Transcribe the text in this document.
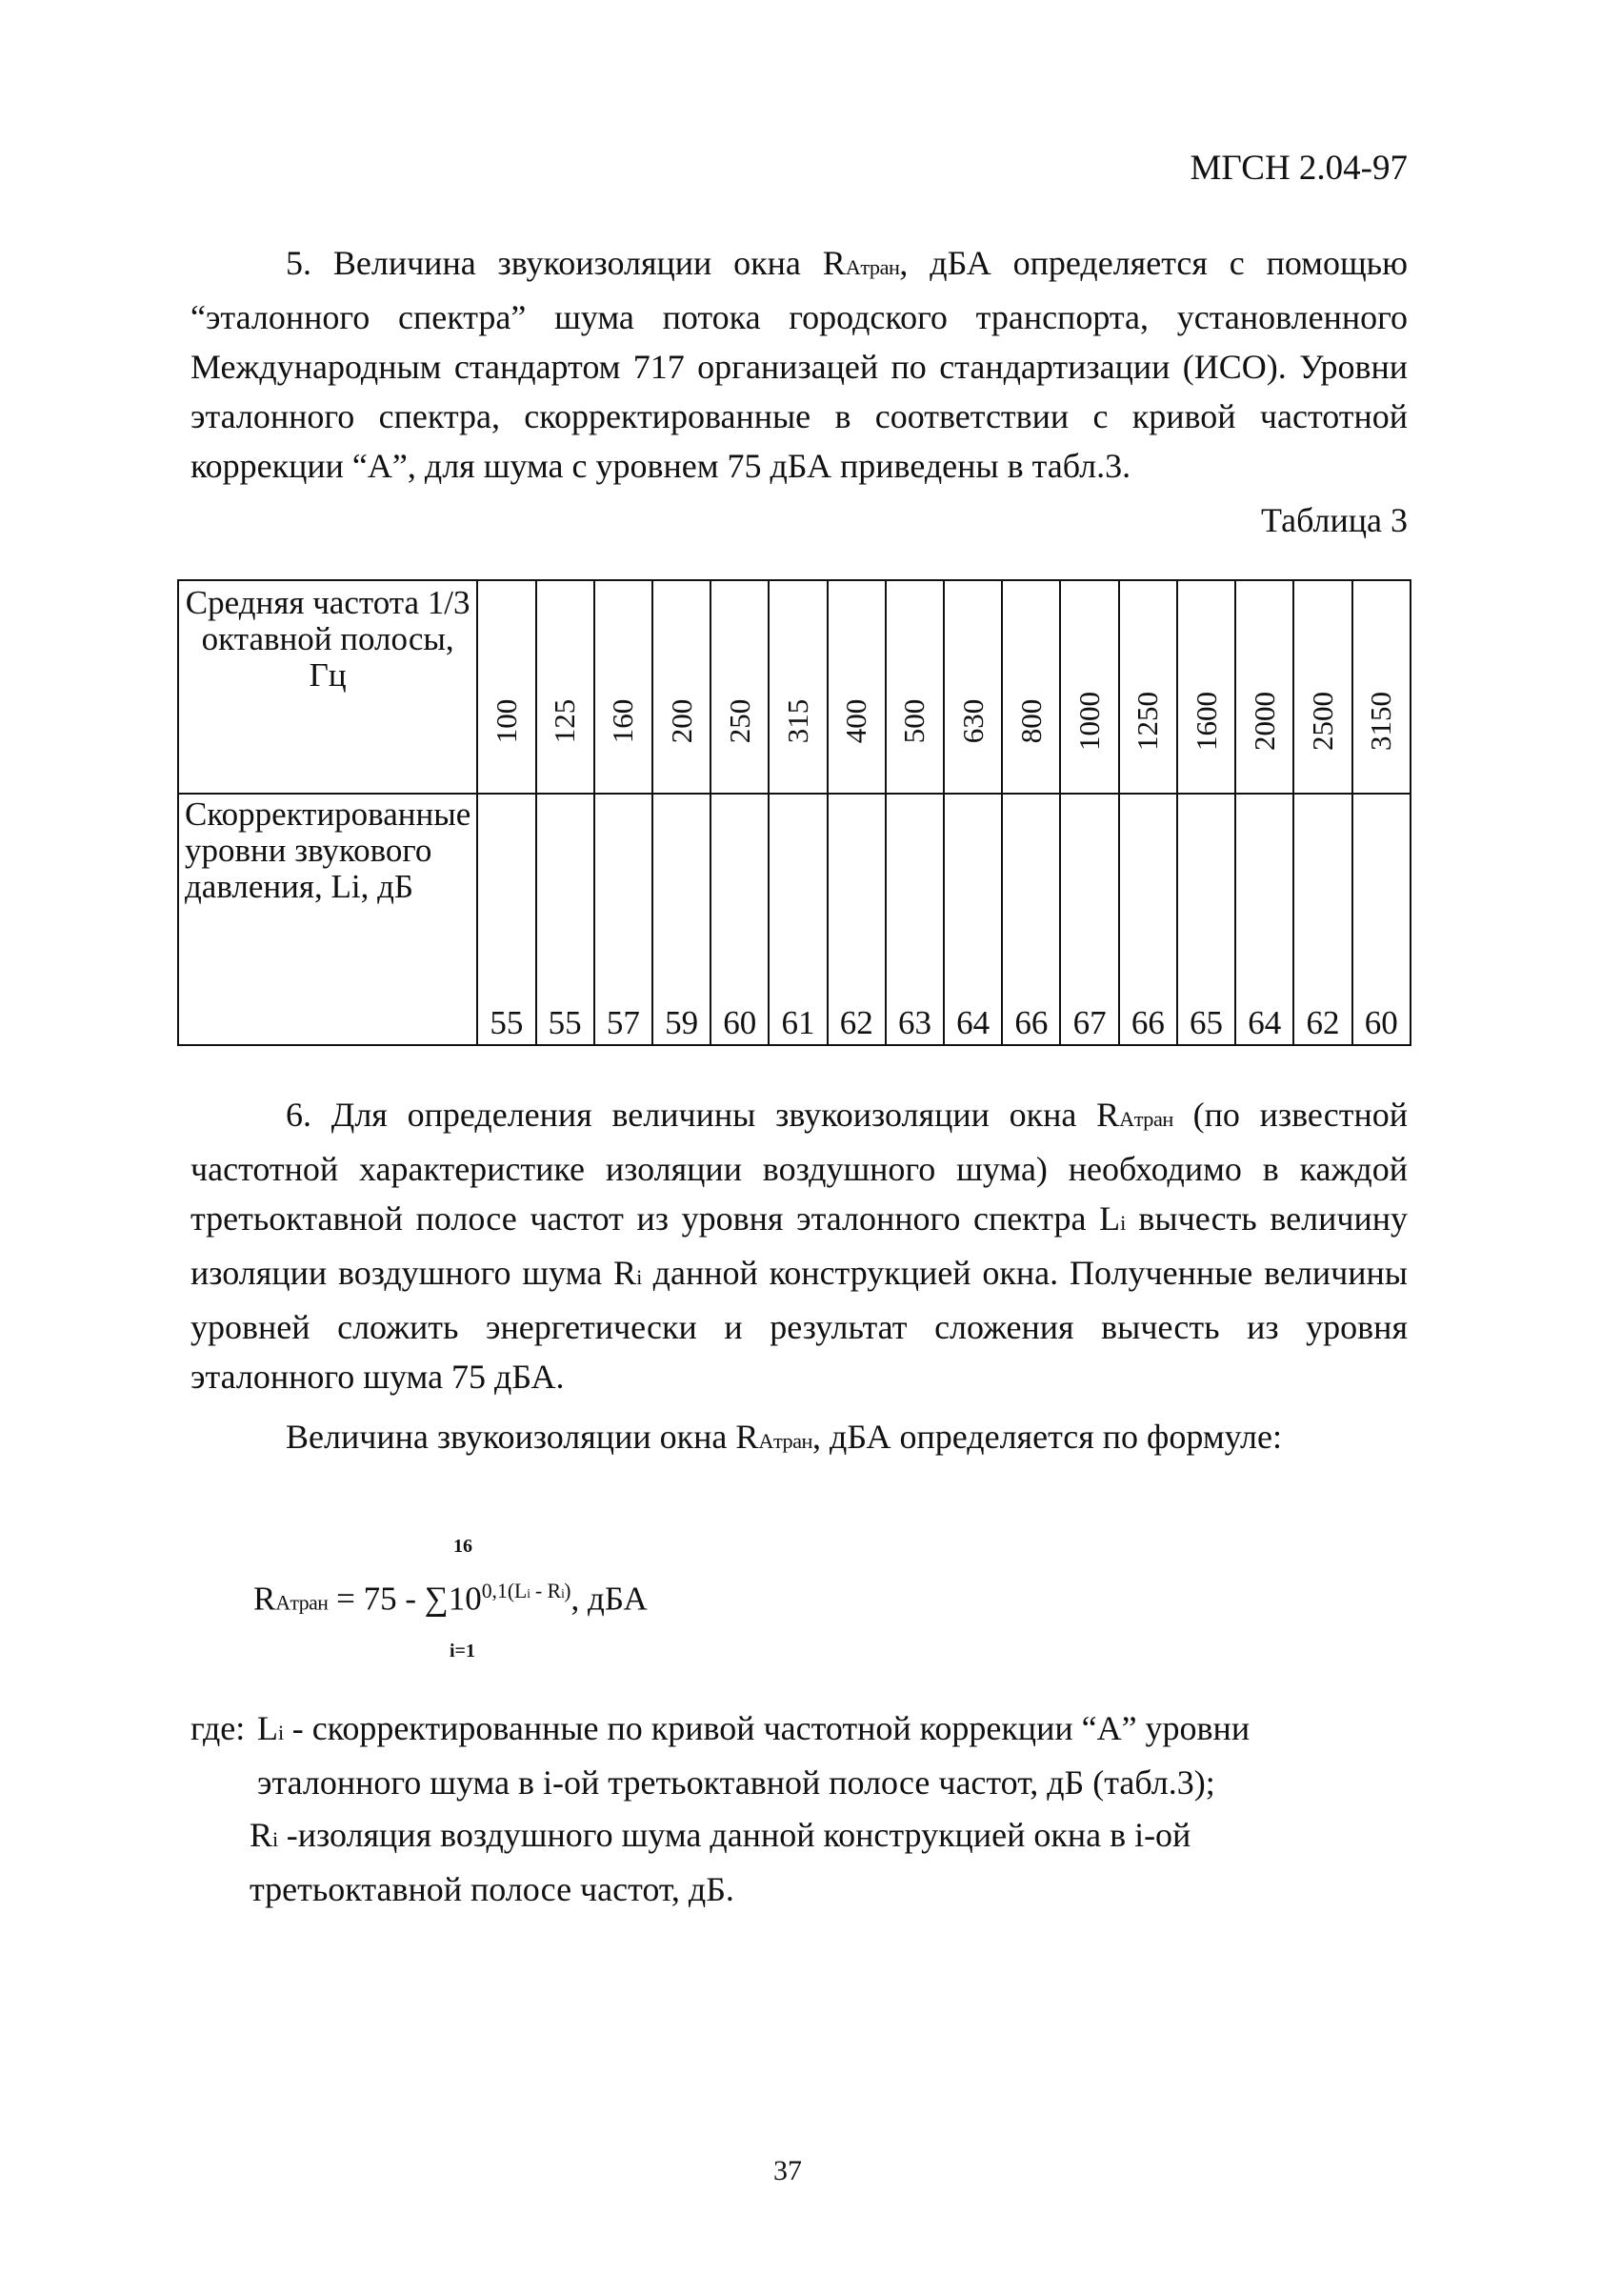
МГСН 2.04-97

5. Величина звукоизоляции окна RAтран, дБА определяется с помощью “эталонного спектра” шума потока городского транспорта, установленного Международным стандартом 717 организацей по стандартизации (ИСО). Уровни эталонного спектра, скорректированные в соответствии с кривой частотной коррекции “А”, для шума с уровнем 75 дБА приведены в табл.3.

Таблица 3
Средняя частота 1/3 октавной полосы, Гц	100	125	160	200	250	315	400	500	630	800	1000	1250	1600	2000	2500	3150

Скорректированные уровни звукового давления, Li, дБ	55	55	57	59	60	61	62	63	64	66	67	66	65	64	62	60

6. Для определения величины звукоизоляции окна RAтран (по известной частотной характеристике изоляции воздушного шума) необходимо в каждой третьоктавной полосе частот из уровня эталонного спектра Li вычесть величину изоляции воздушного шума Ri данной конструкцией окна. Полученные величины уровней сложить энергетически и результат сложения вычесть из уровня эталонного шума 75 дБА.

Величина звукоизоляции окна RAтран, дБА определяется по формуле:

16
RAтран = $75 - \sum 10^{0,1(Li - Ri)}$, дБА
i=1
где: Li - скорректированные по кривой частотной коррекции “А” уровни эталонного шума в i-ой третьоктавной полосе частот, дБ (табл.3);
Ri -изоляция воздушного шума данной конструкцией окна в i-ой третьоктавной полосе частот, дБ.
37
